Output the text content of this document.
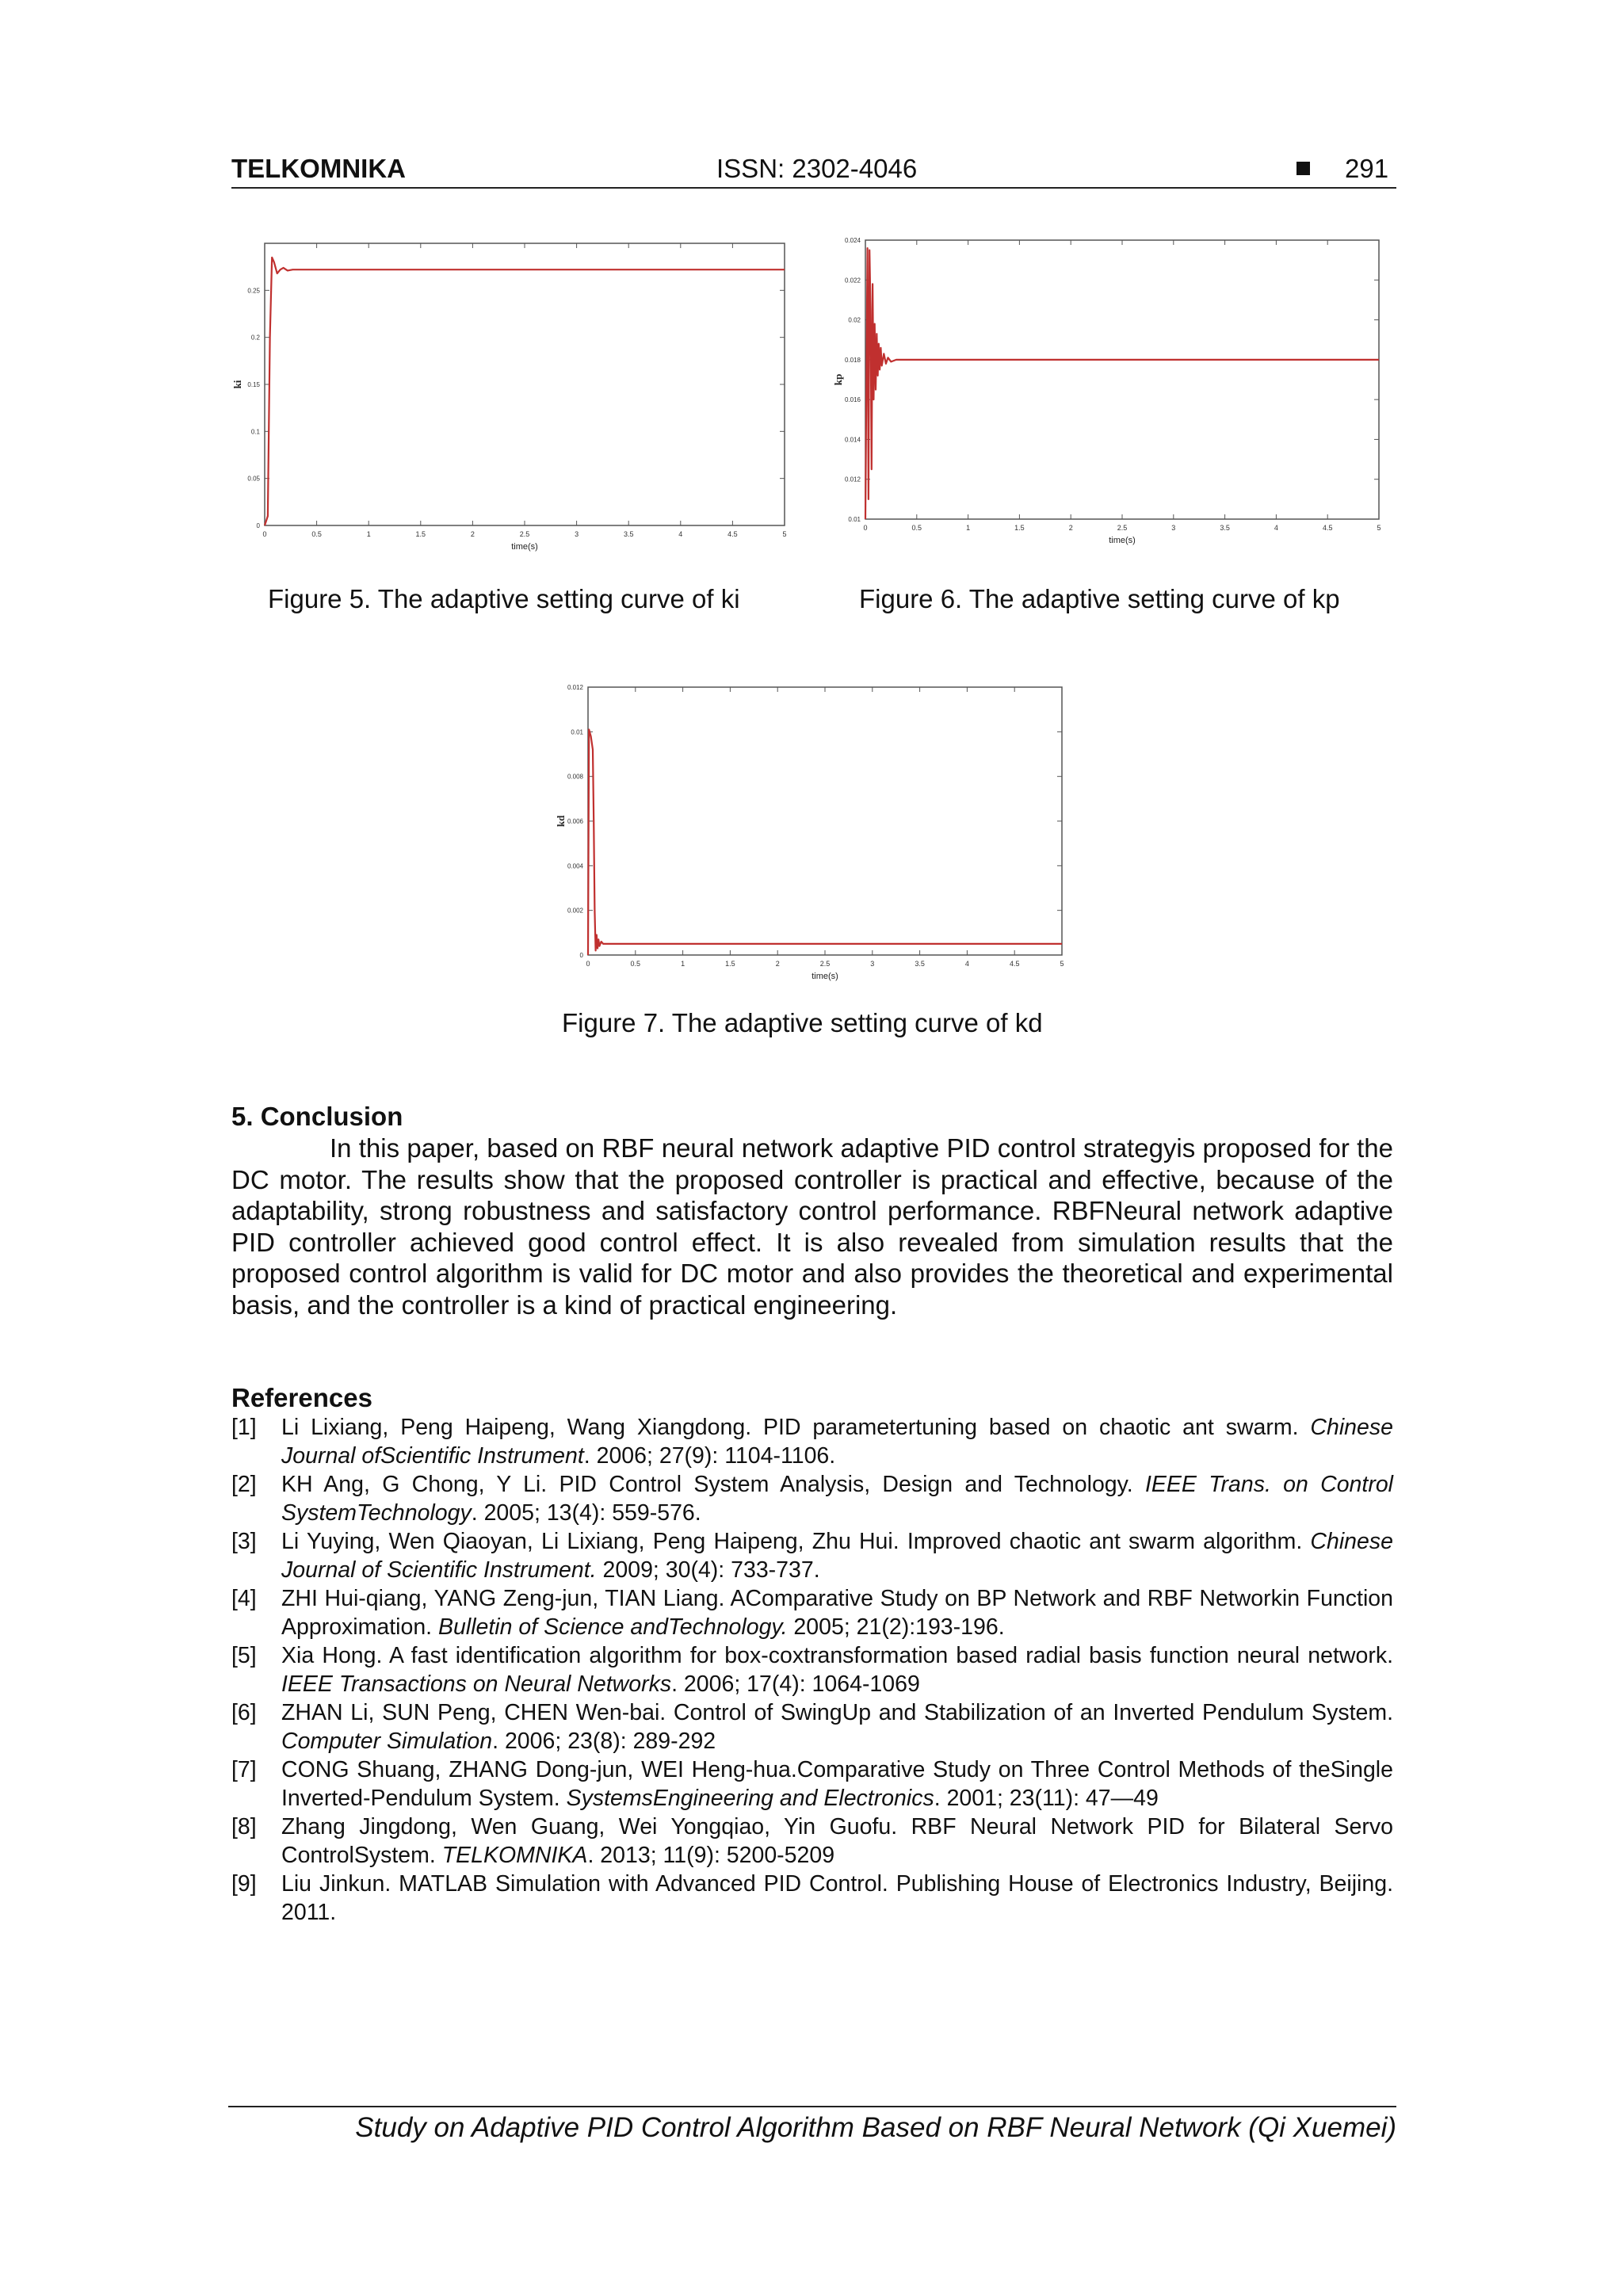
TELKOMNIKA	ISSN: 2302-4046	291
0	0.5	1	1.5	2	2.5	3	3.5	4	4.5	5
0
0.05
0.1
0.15
0.2
0.25
time(s)
ki
Figure 5. The adaptive setting curve of ki
0	0.5	1	1.5	2	2.5	3	3.5	4	4.5	5
0.01
0.012
0.014
0.016
0.018
0.02
0.022
0.024
time(s)
kp
Figure 6. The adaptive setting curve of kp
0	0.5	1	1.5	2	2.5	3	3.5	4	4.5	5
0
0.002
0.004
0.006
0.008
0.01
0.012
time(s)
kd
Figure 7. The adaptive setting curve of kd
5. Conclusion
In this paper, based on RBF neural network adaptive PID control strategyis proposed for the DC motor. The results show that the proposed controller is practical and effective, because of the adaptability, strong robustness and satisfactory control performance. RBFNeural network adaptive PID controller achieved good control effect. It is also revealed from simulation results that the proposed control algorithm is valid for DC motor and also provides the theoretical and experimental basis, and the controller is a kind of practical engineering.
References
[1]	Li Lixiang, Peng Haipeng, Wang Xiangdong. PID parametertuning based on chaotic ant swarm. Chinese Journal ofScientific Instrument. 2006; 27(9): 1104-1106.
[2]	KH Ang, G Chong, Y Li. PID Control System Analysis, Design and Technology. IEEE Trans. on Control SystemTechnology. 2005; 13(4): 559-576.
[3]	Li Yuying, Wen Qiaoyan, Li Lixiang, Peng Haipeng, Zhu Hui. Improved chaotic ant swarm algorithm. Chinese Journal of Scientific Instrument. 2009; 30(4): 733-737.
[4]	ZHI Hui-qiang, YANG Zeng-jun, TIAN Liang. AComparative Study on BP Network and RBF Networkin Function Approximation. Bulletin of Science andTechnology. 2005; 21(2):193-196.
[5]	Xia Hong. A fast identification algorithm for box-coxtransformation based radial basis function neural network. IEEE Transactions on Neural Networks. 2006; 17(4): 1064-1069
[6]	ZHAN Li, SUN Peng, CHEN Wen-bai. Control of SwingUp and Stabilization of an Inverted Pendulum System. Computer Simulation. 2006; 23(8): 289-292
[7]	CONG Shuang, ZHANG Dong-jun, WEI Heng-hua.Comparative Study on Three Control Methods of theSingle Inverted-Pendulum System. SystemsEngineering and Electronics. 2001; 23(11): 47—49
[8]	Zhang Jingdong, Wen Guang, Wei Yongqiao, Yin Guofu. RBF Neural Network PID for Bilateral Servo ControlSystem. TELKOMNIKA. 2013; 11(9): 5200-5209
[9]	Liu Jinkun. MATLAB Simulation with Advanced PID Control. Publishing House of Electronics Industry, Beijing. 2011.
Study on Adaptive PID Control Algorithm Based on RBF Neural Network (Qi Xuemei)
